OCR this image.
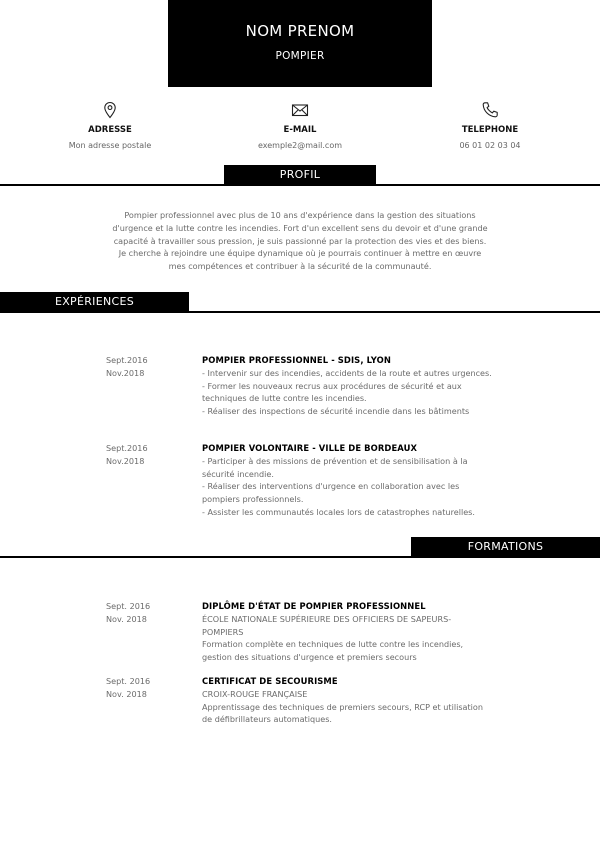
NOM PRENOM
POMPIER
ADRESSE
Mon adresse postale
E-MAIL
exemple2@mail.com
TELEPHONE
06 01 02 03 04
PROFIL
Pompier professionnel avec plus de 10 ans d'expérience dans la gestion des situations d'urgence et la lutte contre les incendies. Fort d'un excellent sens du devoir et d'une grande capacité à travailler sous pression, je suis passionné par la protection des vies et des biens. Je cherche à rejoindre une équipe dynamique où je pourrais continuer à mettre en œuvre mes compétences et contribuer à la sécurité de la communauté.
EXPÉRIENCES
Sept.2016
Nov.2018
POMPIER PROFESSIONNEL - SDIS, LYON
- Intervenir sur des incendies, accidents de la route et autres urgences.
- Former les nouveaux recrus aux procédures de sécurité et aux techniques de lutte contre les incendies.
- Réaliser des inspections de sécurité incendie dans les bâtiments
Sept.2016
Nov.2018
POMPIER VOLONTAIRE - VILLE DE BORDEAUX
- Participer à des missions de prévention et de sensibilisation à la sécurité incendie.
- Réaliser des interventions d'urgence en collaboration avec les pompiers professionnels.
- Assister les communautés locales lors de catastrophes naturelles.
FORMATIONS
Sept. 2016
Nov. 2018
DIPLÔME D'ÉTAT DE POMPIER PROFESSIONNEL
ÉCOLE NATIONALE SUPÉRIEURE DES OFFICIERS DE SAPEURS-POMPIERS
Formation complète en techniques de lutte contre les incendies, gestion des situations d'urgence et premiers secours
Sept. 2016
Nov. 2018
CERTIFICAT DE SECOURISME
CROIX-ROUGE FRANÇAISE
Apprentissage des techniques de premiers secours, RCP et utilisation de défibrillateurs automatiques.
